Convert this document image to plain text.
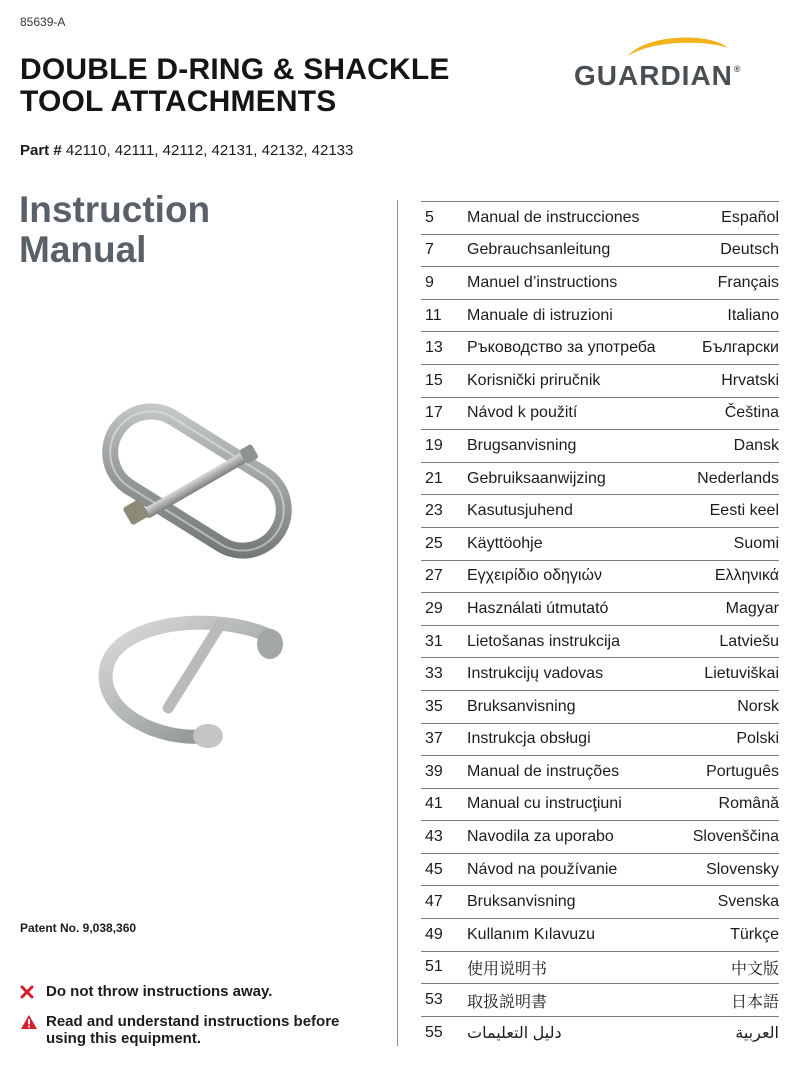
85639-A
DOUBLE D-RING & SHACKLE
TOOL ATTACHMENTS
GUARDIAN®
Part # 42110, 42111, 42112, 42131, 42132, 42133
Instruction
Manual
Patent No. 9,038,360
Do not throw instructions away.
Read and understand instructions before using this equipment.
5	Manual de instrucciones	Español
7	Gebrauchsanleitung	Deutsch
9	Manuel d’instructions	Français
11	Manuale di istruzioni	Italiano
13	Ръководство за употреба	Български
15	Korisnički priručnik	Hrvatski
17	Návod k použití	Čeština
19	Brugsanvisning	Dansk
21	Gebruiksaanwijzing	Nederlands
23	Kasutusjuhend	Eesti keel
25	Käyttöohje	Suomi
27	Εγχειρίδιο οδηγιών	Ελληνικά
29	Használati útmutató	Magyar
31	Lietošanas instrukcija	Latviešu
33	Instrukcijų vadovas	Lietuviškai
35	Bruksanvisning	Norsk
37	Instrukcja obsługi	Polski
39	Manual de instruções	Português
41	Manual cu instrucţiuni	Română
43	Navodila za uporabo	Slovenščina
45	Návod na používanie	Slovensky
47	Bruksanvisning	Svenska
49	Kullanım Kılavuzu	Türkçe
51	使用说明书	中文版
53	取扱説明書	日本語
55	دليل التعليمات	العربية
